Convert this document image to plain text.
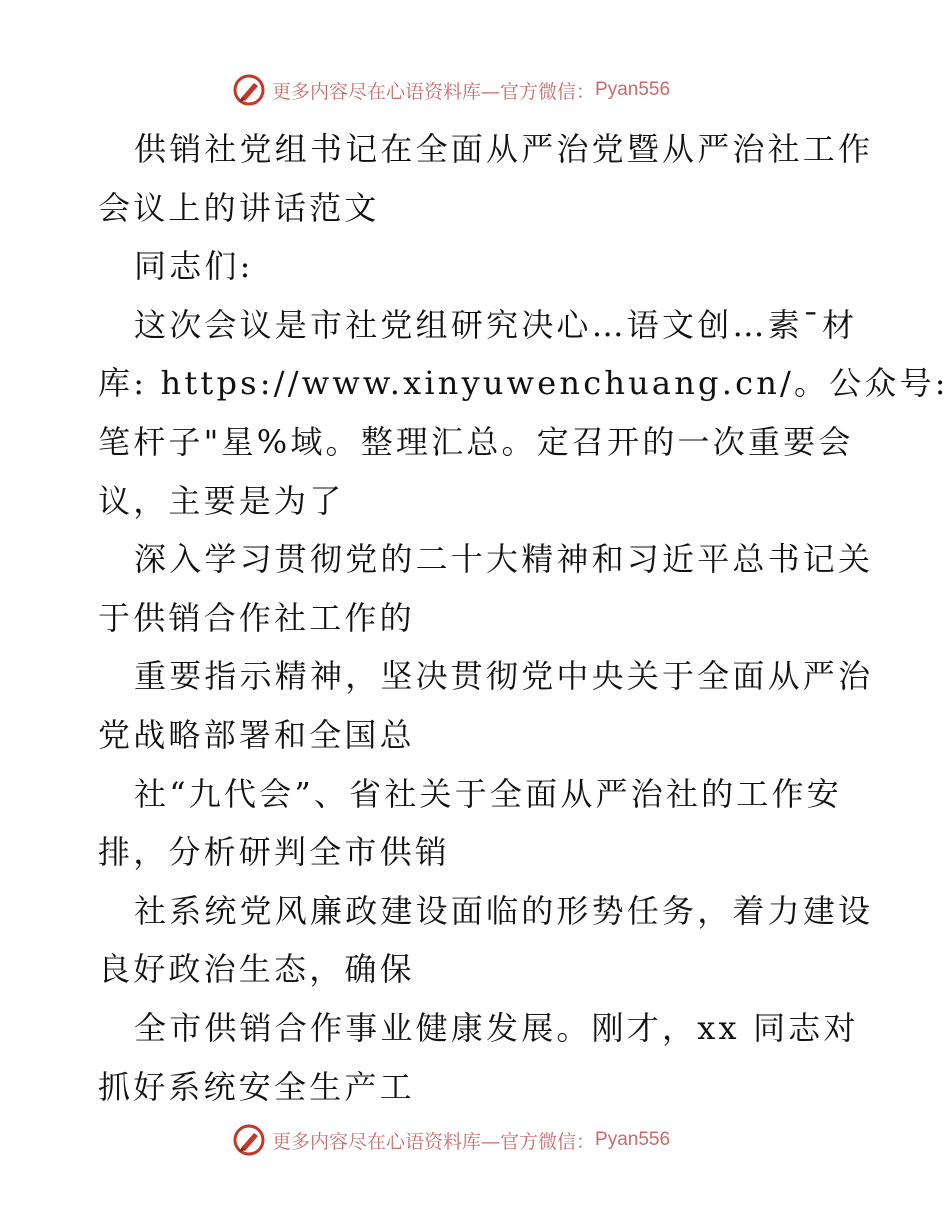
更多内容尽在心语资料库—官方微信： Pyan556

供销社党组书记在全面从严治党暨从严治社工作

会议上的讲话范文

同志们:

这次会议是市社党组研究决心…语文创…素¯材

库: https://www.xinyuwenchuang.cn/。公众号:

笔杆子"星%域。整理汇总。定召开的一次重要会

议，主要是为了

深入学习贯彻党的二十大精神和习近平总书记关

于供销合作社工作的

重要指示精神，坚决贯彻党中央关于全面从严治

党战略部署和全国总

社“九代会”、省社关于全面从严治社的工作安

排，分析研判全市供销

社系统党风廉政建设面临的形势任务，着力建设

良好政治生态，确保

全市供销合作事业健康发展。刚才，xx 同志对

抓好系统安全生产工

更多内容尽在心语资料库—官方微信： Pyan556
